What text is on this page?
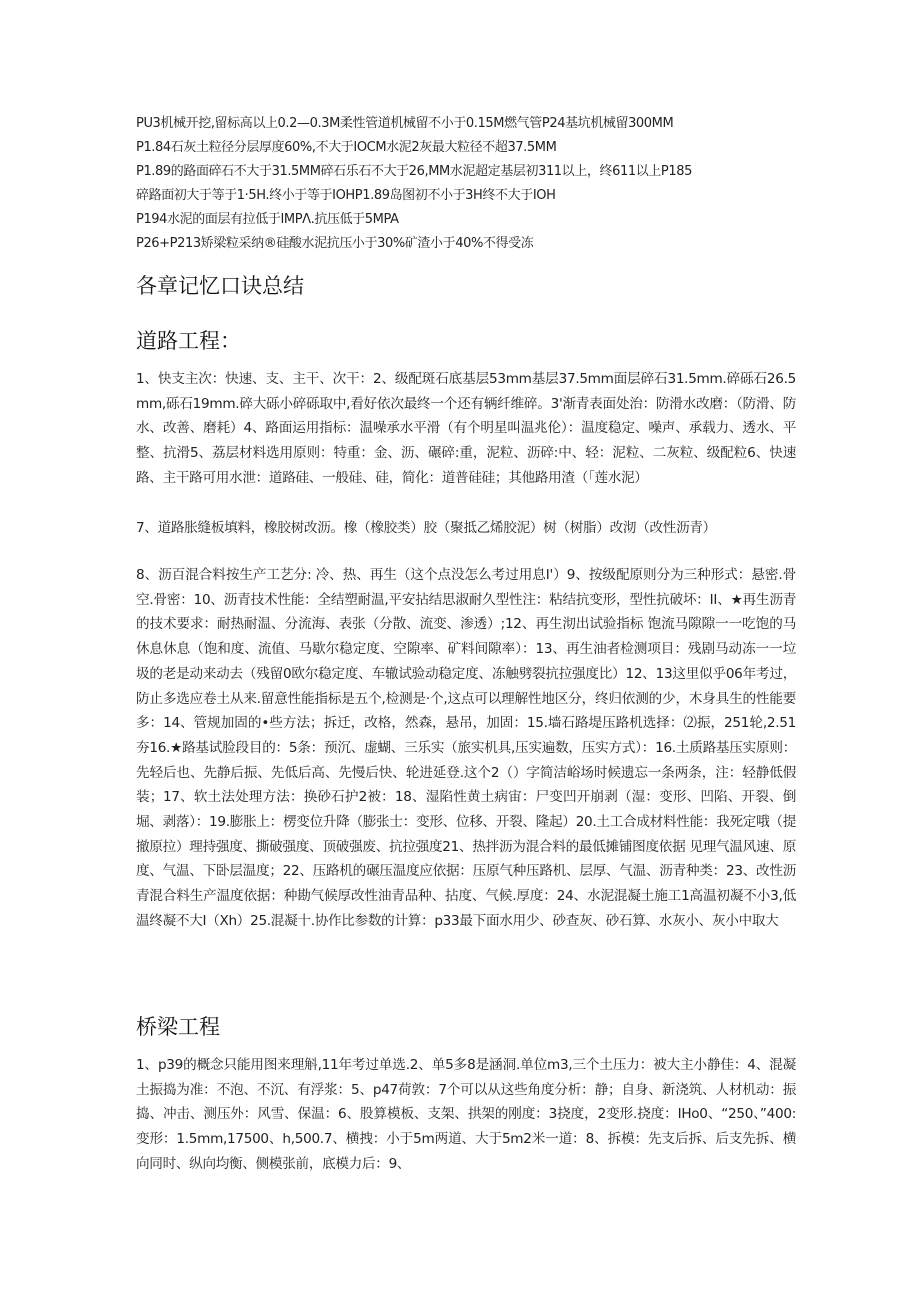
PU3机械开挖,留标高以上0.2—0.3M柔性管道机械留不小于0.15M燃气管P24基坑机械留300MM
P1.84石灰土粒径分层厚度60%,不大于IOCM水泥2灰最大粒径不超37.5MM
P1.89的路面碎石不大于31.5MM碎石乐石不大于26,MM水泥超定基层初311以上，终611以上P185
碎路面初大于等于1·5H.终小于等于IOHP1.89岛图初不小于3H终不大于IOH
P194水泥的面层有拉低于IMPΛ.抗压低于5MPA
P26+P213矫梁粒采纳®硅酸水泥抗压小于30%矿渣小于40%不得受冻
各章记忆口诀总结
道路工程：
1、快支主次：快速、支、主干、次干：2、级配斑石底基层53mm基层37.5mm面层碎石31.5mm.碎砾石26.5mm,砾石19mm.碎大砾小碎砾取中,看好依次最终一个还有辆纤维碎。3'渐青表面处治：防滑水改磨：（防滑、防水、改善、磨耗）4、路面运用指标：温噪承水平滑（有个明星叫温兆伦）：温度稳定、噪声、承载力、透水、平整、抗滑5、荔层材料选用原则：特重：金、沥、碾碎:重，泥粒、沥碎:中、轻：泥粒、二灰粒、级配粒6、快速路、主干路可用水泄：道路硅、一般硅、硅，简化：道普硅硅；其他路用渣（「莲水泥）
7、道路胀缝板填料，橡胶树改沥。橡（橡胶类）胶（聚抵乙烯胶泥）树（树脂）改沏（改性沥青）
8、沥百混合料按生产工艺分: 冷、热、再生（这个点没怎么考过用息I'）9、按级配原则分为三种形式：悬密.骨空.骨密：10、沥青技术性能：全结塑耐温,平安拈结思淑耐久型性注：粘结抗变形，型性抗破坏：II、★再生沥青的技术要求：耐热耐温、分流海、表张（分散、流变、渗透）;12、再生沏出试验指标 饱流马隙隙一一吃饱的马休息休息（饱和度、流值、马歇尔稳定度、空隙率、矿料间隙率）：13、再生油者检测项目：残剧马动冻一一垃圾的老是动来动去（残留0欧尔稳定度、车辙试验动稳定度、冻触劈裂抗拉强度比）12、13这里似乎06年考过，防止多选应卷土从来.留意性能指标是五个,检测是·个,这点可以理解性地区分，终归依测的少，木身具生的性能要多：14、管规加固的•些方法；拆迁，改格，然森，悬吊，加固：15.墙石路堤压路机选择：⑵振，251轮,2.51夯16.★路基试脸段目的：5条：预沉、虚蝴、三乐实（旅实机具,压实遍数，压实方式）：16.土质路基压实原则：先轻后也、先静后振、先低后高、先慢后快、轮进延登.这个2（）字简洁峪场时候遗忘一条两条，注：轻静低假装；17、软土法处理方法：换砂石护2被：18、湿陷性黄土病宙：尸变凹开崩剥（湿：变形、凹陷、开裂、倒堀、剥落）：19.膨胀上：楞变位升降（膨张士：变形、位移、开裂、隆起）20.土工合成材料性能：我死定哦（提撤原拉）理持强度、撕破强度、顶破强废、抗拉强度21、热拌沥为混合料的最低摊铺图度依据 见理气温风速、原度、气温、下卧层温度；22、压路机的碾压温度应依据：压原气种压路机、层厚、气温、沥青种类：23、改性沥青混合料生产温度依据：种勘气候厚改性油青品种、拈度、气候.厚度：24、水泥混凝土施工1高温初凝不小3,低温终凝不大I（Xh）25.混凝十.协作比参数的计算：p33最下面水用少、砂查灰、砂石算、水灰小、灰小中取大
桥梁工程
1、p39的概念只能用图来理斛,11年考过单选.2、单5多8是涵洞.单位m3,三个土压力：被大主小静佳：4、混凝土振捣为准：不泡、不沉、有浮浆：5、p47荷敦：7个可以从这些角度分析：静；自身、新浇筑、人材机动：振捣、冲击、测压外：风雪、保温：6、股算模板、支架、拱架的刚度：3挠度，2变形.挠度：IHo0、“250、”400:变形：1.5mm,17500、h,500.7、横拽：小于5m两道、大于5m2米一道：8、拆模：先支后拆、后支先拆、横向同时、纵向均衡、侧模张前，底模力后：9、
